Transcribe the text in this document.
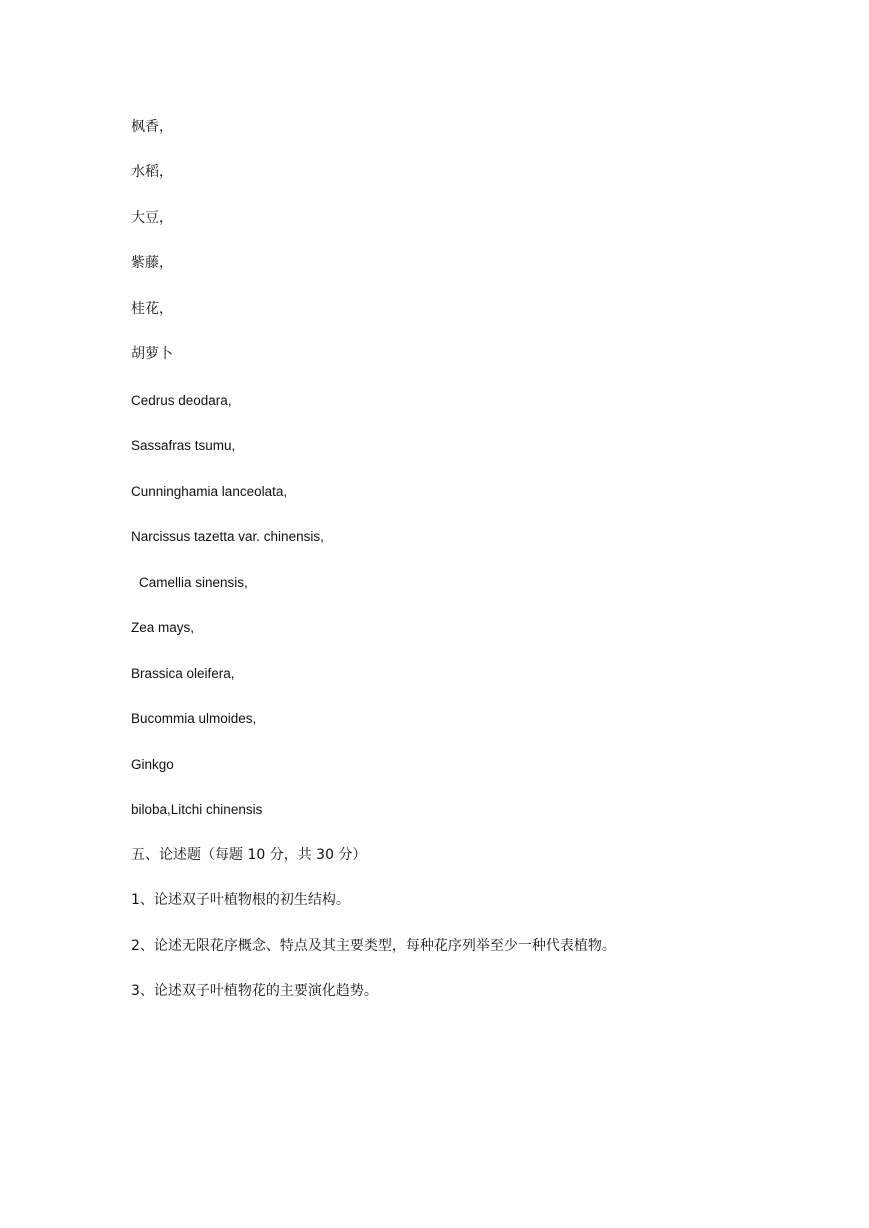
枫香，
水稻，
大豆，
紫藤，
桂花，
胡萝卜
Cedrus deodara,
Sassafras tsumu,
Cunninghamia lanceolata,
Narcissus tazetta var. chinensis,
Camellia sinensis,
Zea mays,
Brassica oleifera,
Bucommia ulmoides,
Ginkgo
biloba,Litchi chinensis
五、论述题（每题 10 分，共 30 分）
1、论述双子叶植物根的初生结构。
2、论述无限花序概念、特点及其主要类型，每种花序列举至少一种代表植物。
3、论述双子叶植物花的主要演化趋势。
